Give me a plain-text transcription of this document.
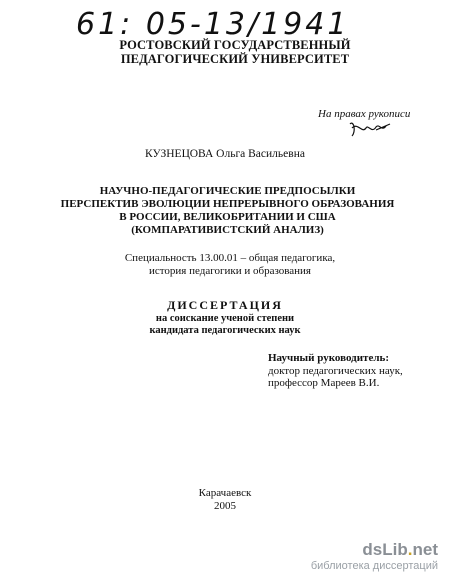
61: 05-13/1941
РОСТОВСКИЙ ГОСУДАРСТВЕННЫЙ ПЕДАГОГИЧЕСКИЙ УНИВЕРСИТЕТ
На правах рукописи
КУЗНЕЦОВА Ольга Васильевна
НАУЧНО-ПЕДАГОГИЧЕСКИЕ ПРЕДПОСЫЛКИ ПЕРСПЕКТИВ ЭВОЛЮЦИИ НЕПРЕРЫВНОГО ОБРАЗОВАНИЯ В РОССИИ, ВЕЛИКОБРИТАНИИ И США (КОМПАРАТИВИСТСКИЙ АНАЛИЗ)
Специальность 13.00.01 – общая педагогика,
история педагогики и образования
ДИССЕРТАЦИЯ
на соискание ученой степени
кандидата педагогических наук
Научный руководитель:
доктор педагогических наук,
профессор Мареев В.И.
Карачаевск
2005
dsLib.net
библиотека диссертаций
